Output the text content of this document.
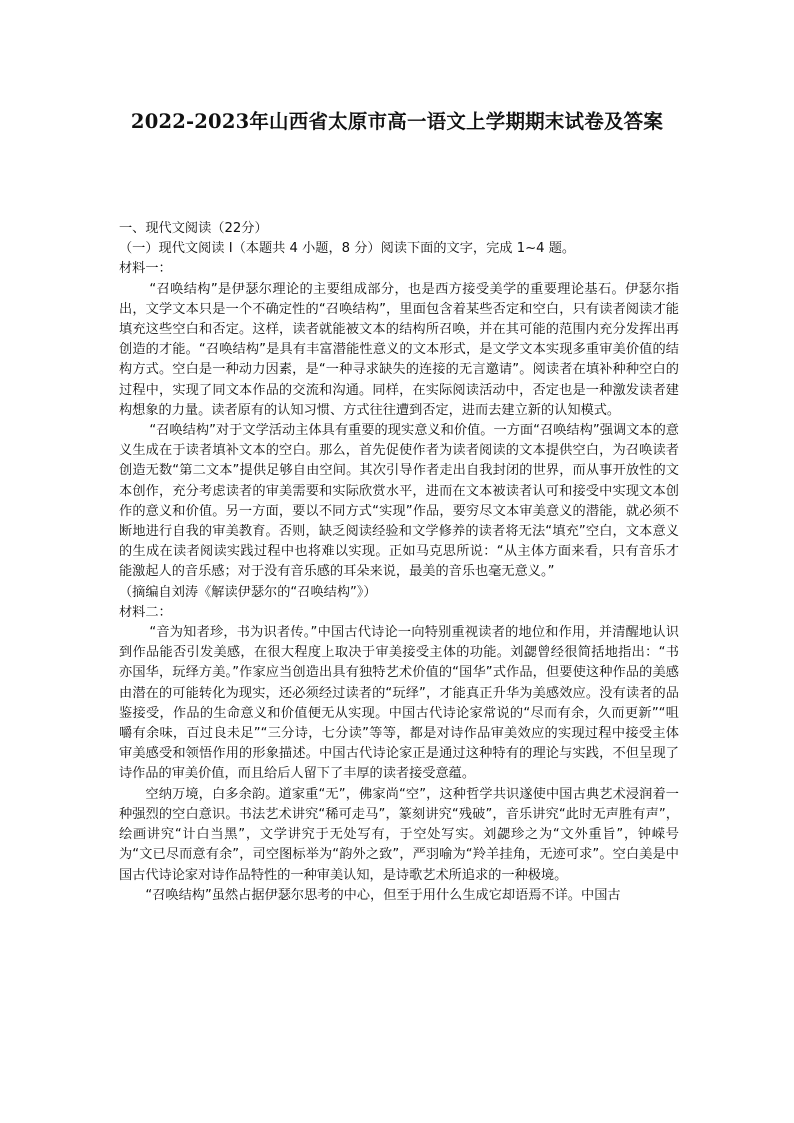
2022-2023年山西省太原市高一语文上学期期末试卷及答案

一、现代文阅读（22分）

（一）现代文阅读 I（本题共 4 小题，8 分）阅读下面的文字，完成 1~4 题。

材料一：

“召唤结构”是伊瑟尔理论的主要组成部分，也是西方接受美学的重要理论基石。伊瑟尔指出，文学文本只是一个不确定性的“召唤结构”，里面包含着某些否定和空白，只有读者阅读才能填充这些空白和否定。这样，读者就能被文本的结构所召唤，并在其可能的范围内充分发挥出再创造的才能。“召唤结构”是具有丰富潜能性意义的文本形式，是文学文本实现多重审美价值的结构方式。空白是一种动力因素，是“一种寻求缺失的连接的无言邀请”。阅读者在填补种种空白的过程中，实现了同文本作品的交流和沟通。同样，在实际阅读活动中，否定也是一种激发读者建构想象的力量。读者原有的认知习惯、方式往往遭到否定，进而去建立新的认知模式。

“召唤结构”对于文学活动主体具有重要的现实意义和价值。一方面“召唤结构”强调文本的意义生成在于读者填补文本的空白。那么，首先促使作者为读者阅读的文本提供空白，为召唤读者创造无数“第二文本”提供足够自由空间。其次引导作者走出自我封闭的世界，而从事开放性的文本创作，充分考虑读者的审美需要和实际欣赏水平，进而在文本被读者认可和接受中实现文本创作的意义和价值。另一方面，要以不同方式“实现”作品，要穷尽文本审美意义的潜能，就必须不断地进行自我的审美教育。否则，缺乏阅读经验和文学修养的读者将无法“填充”空白，文本意义的生成在读者阅读实践过程中也将难以实现。正如马克思所说：“从主体方面来看，只有音乐才能激起人的音乐感；对于没有音乐感的耳朵来说，最美的音乐也毫无意义。”

（摘编自刘涛《解读伊瑟尔的“召唤结构”》）

材料二：

“音为知者珍，书为识者传。”中国古代诗论一向特别重视读者的地位和作用，并清醒地认识到作品能否引发美感，在很大程度上取决于审美接受主体的功能。刘勰曾经很简括地指出：“书亦国华，玩绎方美。”作家应当创造出具有独特艺术价值的“国华”式作品，但要使这种作品的美感由潜在的可能转化为现实，还必须经过读者的“玩绎”，才能真正升华为美感效应。没有读者的品鉴接受，作品的生命意义和价值便无从实现。中国古代诗论家常说的“尽而有余，久而更新”“咀嚼有余味，百过良未足”“三分诗，七分读”等等，都是对诗作品审美效应的实现过程中接受主体审美感受和领悟作用的形象描述。中国古代诗论家正是通过这种特有的理论与实践，不但呈现了诗作品的审美价值，而且给后人留下了丰厚的读者接受意蕴。

空纳万境，白多余韵。道家重“无”，佛家尚“空”，这种哲学共识遂使中国古典艺术浸润着一种强烈的空白意识。书法艺术讲究“稀可走马”，篆刻讲究“残破”，音乐讲究“此时无声胜有声”，绘画讲究“计白当黑”，文学讲究于无处写有，于空处写实。刘勰珍之为“文外重旨”，钟嵘号为“文已尽而意有余”，司空图标举为“韵外之致”，严羽喻为“羚羊挂角，无迹可求”。空白美是中国古代诗论家对诗作品特性的一种审美认知，是诗歌艺术所追求的一种极境。

“召唤结构”虽然占据伊瑟尔思考的中心，但至于用什么生成它却语焉不详。中国古
